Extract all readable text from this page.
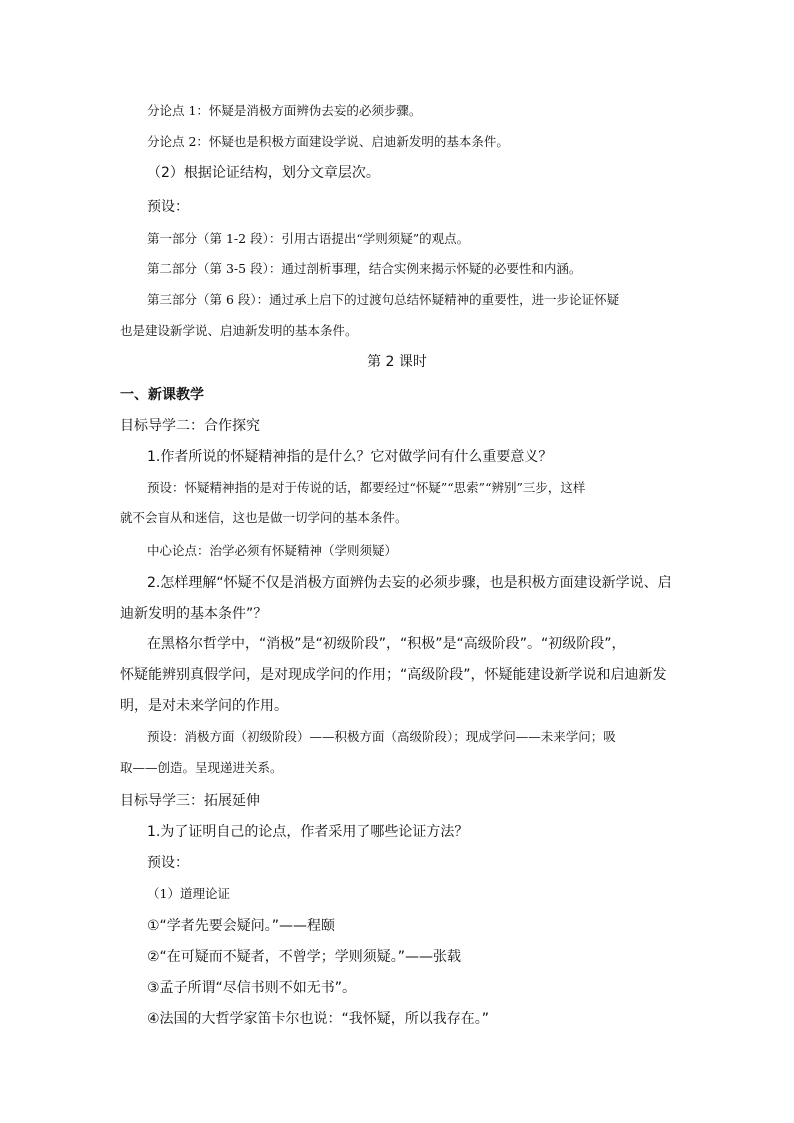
分论点 1：怀疑是消极方面辨伪去妄的必须步骤。
分论点 2：怀疑也是积极方面建设学说、启迪新发明的基本条件。
（2）根据论证结构，划分文章层次。
预设：
第一部分（第 1-2 段）：引用古语提出“学则须疑”的观点。
第二部分（第 3-5 段）：通过剖析事理，结合实例来揭示怀疑的必要性和内涵。
第三部分（第 6 段）：通过承上启下的过渡句总结怀疑精神的重要性，进一步论证怀疑
也是建设新学说、启迪新发明的基本条件。
第 2 课时
一、新课教学
目标导学二：合作探究
1.作者所说的怀疑精神指的是什么？它对做学问有什么重要意义？
预设：怀疑精神指的是对于传说的话，都要经过“怀疑”“思索”“辨别”三步，这样
就不会盲从和迷信，这也是做一切学问的基本条件。
中心论点：治学必须有怀疑精神（学则须疑）
2.怎样理解“怀疑不仅是消极方面辨伪去妄的必须步骤，也是积极方面建设新学说、启
迪新发明的基本条件”？
在黑格尔哲学中，“消极”是“初级阶段”，“积极”是“高级阶段”。“初级阶段”，
怀疑能辨别真假学问，是对现成学问的作用；“高级阶段”，怀疑能建设新学说和启迪新发
明，是对未来学问的作用。
预设：消极方面（初级阶段）——积极方面（高级阶段）；现成学问——未来学问；吸
取——创造。呈现递进关系。
目标导学三：拓展延伸
1.为了证明自己的论点，作者采用了哪些论证方法？
预设：
（1）道理论证
①“学者先要会疑问。”——程颐
②“在可疑而不疑者，不曾学；学则须疑。”——张载
③孟子所谓“尽信书则不如无书”。
④法国的大哲学家笛卡尔也说：“我怀疑，所以我存在。”
